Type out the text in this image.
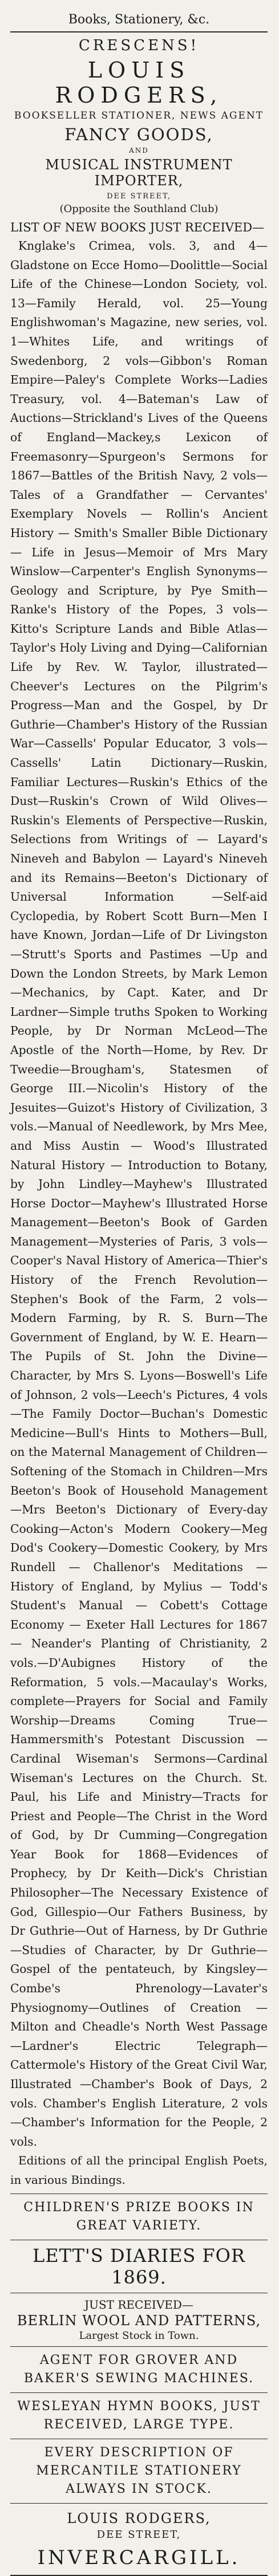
Books, Stationery, &c.
CRESCENS!
LOUIS RODGERS,
BOOKSELLER STATIONER, NEWS AGENT
FANCY GOODS,
AND
MUSICAL INSTRUMENT IMPORTER,
DEE STREET,
(Opposite the Southland Club)
LIST OF NEW BOOKS JUST RECEIVED—

Knglake's Crimea, vols. 3, and 4—Gladstone on Ecce Homo—Doolittle—Social Life of the Chinese—London Society, vol. 13—Family Herald, vol. 25—Young Englishwoman's Magazine, new series, vol. 1—Whites Life, and writings of Swedenborg, 2 vols—Gibbon's Roman Empire—Paley's Complete Works—Ladies Treasury, vol. 4—Bateman's Law of Auctions—Strickland's Lives of the Queens of England—Mackey,s Lexicon of Freemasonry—Spurgeon's Sermons for 1867—Battles of the British Navy, 2 vols—Tales of a Grandfather — Cervantes' Exemplary Novels — Rollin's Ancient History — Smith's Smaller Bible Dictionary — Life in Jesus—Memoir of Mrs Mary Winslow—Carpenter's English Synonyms—Geology and Scripture, by Pye Smith—Ranke's History of the Popes, 3 vols—Kitto's Scripture Lands and Bible Atlas—Taylor's Holy Living and Dying—Californian Life by Rev. W. Taylor, illustrated—Cheever's Lectures on the Pilgrim's Progress—Man and the Gospel, by Dr Guthrie—Chamber's History of the Russian War—Cassells' Popular Educator, 3 vols—Cassells' Latin Dictionary—Ruskin, Familiar Lectures—Ruskin's Ethics of the Dust—Ruskin's Crown of Wild Olives—Ruskin's Elements of Perspective—Ruskin, Selections from Writings of — Layard's Nineveh and Babylon — Layard's Nineveh and its Remains—Beeton's Dictionary of Universal Information —Self-aid Cyclopedia, by Robert Scott Burn—Men I have Known, Jordan—Life of Dr Livingston—Strutt's Sports and Pastimes —Up and Down the London Streets, by Mark Lemon—Mechanics, by Capt. Kater, and Dr Lardner—Simple truths Spoken to Working People, by Dr Norman McLeod—The Apostle of the North—Home, by Rev. Dr Tweedie—Brougham's, Statesmen of George III.—Nicolin's History of the Jesuites—Guizot's History of Civilization, 3 vols.—Manual of Needlework, by Mrs Mee, and Miss Austin — Wood's Illustrated Natural History — Introduction to Botany, by John Lindley—Mayhew's Illustrated Horse Doctor—Mayhew's Illustrated Horse Management—Beeton's Book of Garden Management—Mysteries of Paris, 3 vols—Cooper's Naval History of America—Thier's History of the French Revolution—Stephen's Book of the Farm, 2 vols—Modern Farming, by R. S. Burn—The Government of England, by W. E. Hearn—The Pupils of St. John the Divine—Character, by Mrs S. Lyons—Boswell's Life of Johnson, 2 vols—Leech's Pictures, 4 vols—The Family Doctor—Buchan's Domestic Medicine—Bull's Hints to Mothers—Bull, on the Maternal Management of Children—Softening of the Stomach in Children—Mrs Beeton's Book of Household Management—Mrs Beeton's Dictionary of Every-day Cooking—Acton's Modern Cookery—Meg Dod's Cookery—Domestic Cookery, by Mrs Rundell — Challenor's Meditations — History of England, by Mylius — Todd's Student's Manual — Cobett's Cottage Economy — Exeter Hall Lectures for 1867 — Neander's Planting of Christianity, 2 vols.—D'Aubignes History of the Reformation, 5 vols.—Macaulay's Works, complete—Prayers for Social and Family Worship—Dreams Coming True—Hammersmith's Potestant Discussion — Cardinal Wiseman's Sermons—Cardinal Wiseman's Lectures on the Church. St. Paul, his Life and Ministry—Tracts for Priest and People—The Christ in the Word of God, by Dr Cumming—Congregation Year Book for 1868—Evidences of Prophecy, by Dr Keith—Dick's Christian Philosopher—The Necessary Existence of God, Gillespio—Our Fathers Business, by Dr Guthrie—Out of Harness, by Dr Guthrie—Studies of Character, by Dr Guthrie—Gospel of the pentateuch, by Kingsley—Combe's Phrenology—Lavater's Physiognomy—Outlines of Creation —Milton and Cheadle's North West Passage —Lardner's Electric Telegraph—Cattermole's History of the Great Civil War, Illustrated —Chamber's Book of Days, 2 vols. Chamber's English Literature, 2 vols—Chamber's Information for the People, 2 vols.

Editions of all the principal English Poets, in various Bindings.

CHILDREN'S PRIZE BOOKS IN GREAT VARIETY.
LETT'S DIARIES FOR 1869.
JUST RECEIVED—
BERLIN WOOL AND PATTERNS,
Largest Stock in Town.
AGENT FOR GROVER AND BAKER'S SEWING MACHINES.
WESLEYAN HYMN BOOKS, JUST RECEIVED, LARGE TYPE.
EVERY DESCRIPTION OF MERCANTILE STATIONERY ALWAYS IN STOCK.
LOUIS RODGERS,
DEE STREET,
INVERCARGILL.
